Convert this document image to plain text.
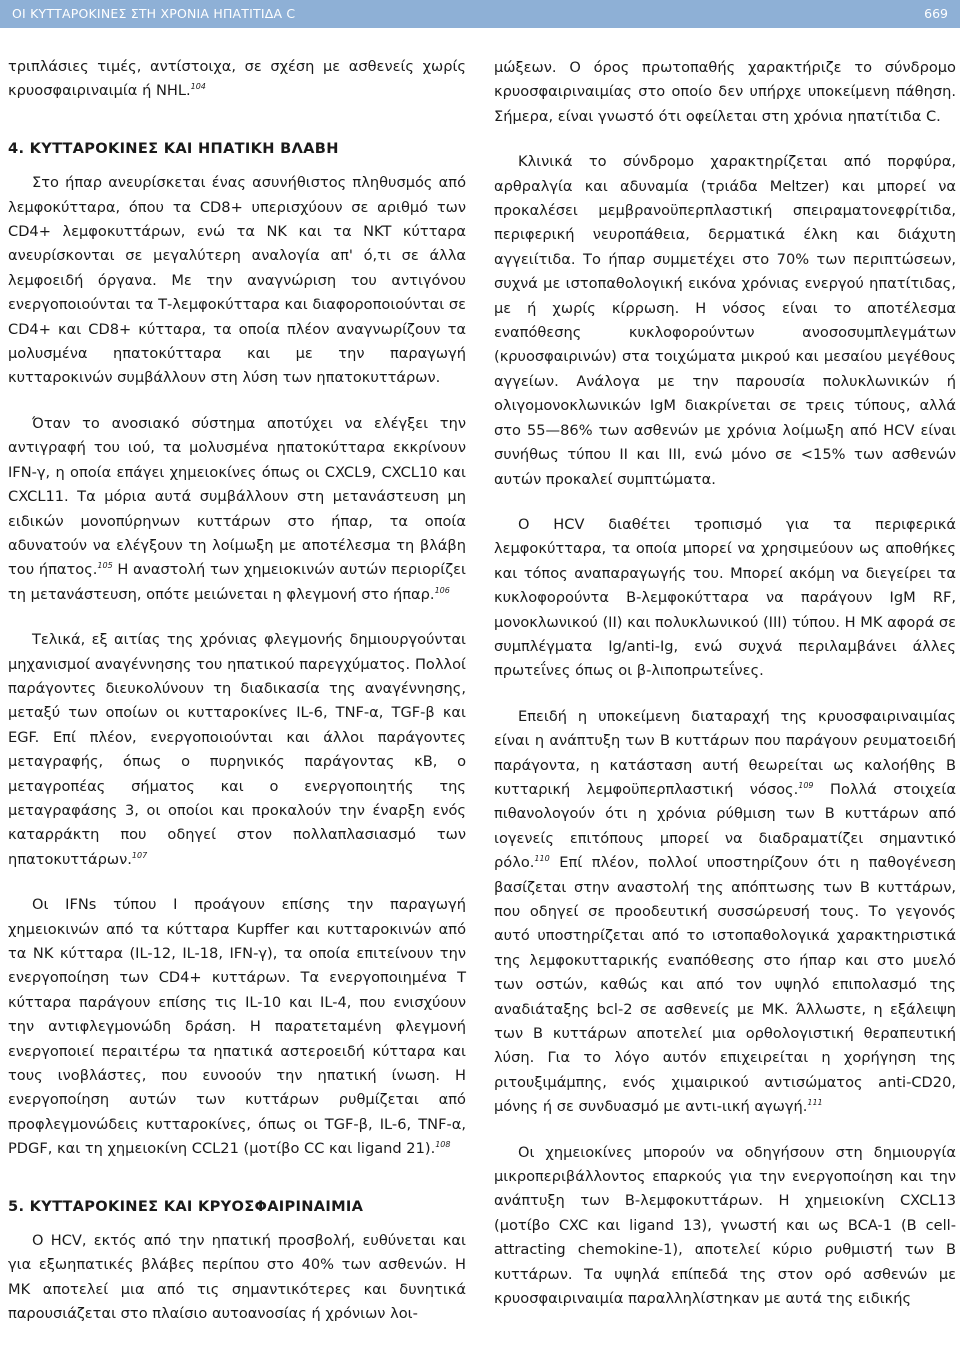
ΟΙ ΚΥΤΤΑΡΟΚΙΝΕΣ ΣΤΗ ΧΡΟΝΙΑ ΗΠΑΤΙΤΙΔΑ C	669

τριπλάσιες τιμές, αντίστοιχα, σε σχέση με ασθενείς χωρίς κρυοσφαιριναιμία ή NHL.$^{104}$

4. ΚΥΤΤΑΡΟΚΙΝΕΣ ΚΑΙ ΗΠΑΤΙΚΗ ΒΛΑΒΗ

Στο ήπαρ ανευρίσκεται ένας ασυνήθιστος πληθυσμός από λεμφοκύτταρα, όπου τα CD8+ υπερισχύουν σε αριθμό των CD4+ λεμφοκυττάρων, ενώ τα NK και τα NKT κύτταρα ανευρίσκονται σε μεγαλύτερη αναλογία απ' ό,τι σε άλλα λεμφοειδή όργανα. Με την αναγνώριση του αντιγόνου ενεργοποιούνται τα Τ-λεμφοκύτταρα και διαφοροποιούνται σε CD4+ και CD8+ κύτταρα, τα οποία πλέον αναγνωρίζουν τα μολυσμένα ηπατοκύτταρα και με την παραγωγή κυτταροκινών συμβάλλουν στη λύση των ηπατοκυττάρων.

Όταν το ανοσιακό σύστημα αποτύχει να ελέγξει την αντιγραφή του ιού, τα μολυσμένα ηπατοκύτταρα εκκρίνουν IFN-γ, η οποία επάγει χημειοκίνες όπως οι CXCL9, CXCL10 και CXCL11. Τα μόρια αυτά συμβάλλουν στη μετανάστευση μη ειδικών μονοπύρηνων κυττάρων στο ήπαρ, τα οποία αδυνατούν να ελέγξουν τη λοίμωξη με αποτέλεσμα τη βλάβη του ήπατος.$^{105}$ Η αναστολή των χημειοκινών αυτών περιορίζει τη μετανάστευση, οπότε μειώνεται η φλεγμονή στο ήπαρ.$^{106}$

Τελικά, εξ αιτίας της χρόνιας φλεγμονής δημιουργούνται μηχανισμοί αναγέννησης του ηπατικού παρεγχύματος. Πολλοί παράγοντες διευκολύνουν τη διαδικασία της αναγέννησης, μεταξύ των οποίων οι κυτταροκίνες IL-6, TNF-α, TGF-β και EGF. Επί πλέον, ενεργοποιούνται και άλλοι παράγοντες μεταγραφής, όπως ο πυρηνικός παράγοντας κΒ, ο μεταγροπέας σήματος και ο ενεργοποιητής της μεταγραφάσης 3, οι οποίοι και προκαλούν την έναρξη ενός καταρράκτη που οδηγεί στον πολλαπλασιασμό των ηπατοκυττάρων.$^{107}$

Οι IFNs τύπου I προάγουν επίσης την παραγωγή χημειοκινών από τα κύτταρα Kupffer και κυτταροκινών από τα NK κύτταρα (IL-12, IL-18, IFN-γ), τα οποία επιτείνουν την ενεργοποίηση των CD4+ κυττάρων. Τα ενεργοποιημένα Τ κύτταρα παράγουν επίσης τις IL-10 και IL-4, που ενισχύουν την αντιφλεγμονώδη δράση. Η παρατεταμένη φλεγμονή ενεργοποιεί περαιτέρω τα ηπατικά αστεροειδή κύτταρα και τους ινοβλάστες, που ευνοούν την ηπατική ίνωση. Η ενεργοποίηση αυτών των κυττάρων ρυθμίζεται από προφλεγμονώδεις κυτταροκίνες, όπως οι TGF-β, IL-6, TNF-α, PDGF, και τη χημειοκίνη CCL21 (μοτίβο CC και ligand 21).$^{108}$

5. ΚΥΤΤΑΡΟΚΙΝΕΣ ΚΑΙ ΚΡΥΟΣΦΑΙΡΙΝΑΙΜΙΑ

Ο HCV, εκτός από την ηπατική προσβολή, ευθύνεται και για εξωηπατικές βλάβες περίπου στο 40% των ασθενών. Η ΜΚ αποτελεί μια από τις σημαντικότερες και δυνητικά παρουσιάζεται στο πλαίσιο αυτοανοσίας ή χρόνιων λοι-

μώξεων. Ο όρος πρωτοπαθής χαρακτήριζε το σύνδρομο κρυοσφαιριναιμίας στο οποίο δεν υπήρχε υποκείμενη πάθηση. Σήμερα, είναι γνωστό ότι οφείλεται στη χρόνια ηπατίτιδα C.

Κλινικά το σύνδρομο χαρακτηρίζεται από πορφύρα, αρθραλγία και αδυναμία (τριάδα Meltzer) και μπορεί να προκαλέσει μεμβρανοϋπερπλαστική σπειραματονεφρίτιδα, περιφερική νευροπάθεια, δερματικά έλκη και διάχυτη αγγειίτιδα. Το ήπαρ συμμετέχει στο 70% των περιπτώσεων, συχνά με ιστοπαθολογική εικόνα χρόνιας ενεργού ηπατίτιδας, με ή χωρίς κίρρωση. Η νόσος είναι το αποτέλεσμα εναπόθεσης κυκλοφορούντων ανοσοσυμπλεγμάτων (κρυοσφαιρινών) στα τοιχώματα μικρού και μεσαίου μεγέθους αγγείων. Ανάλογα με την παρουσία πολυκλωνικών ή ολιγομονοκλωνικών IgM διακρίνεται σε τρεις τύπους, αλλά στο 55—86% των ασθενών με χρόνια λοίμωξη από HCV είναι συνήθως τύπου II και III, ενώ μόνο σε <15% των ασθενών αυτών προκαλεί συμπτώματα.

Ο HCV διαθέτει τροπισμό για τα περιφερικά λεμφοκύτταρα, τα οποία μπορεί να χρησιμεύουν ως αποθήκες και τόπος αναπαραγωγής του. Μπορεί ακόμη να διεγείρει τα κυκλοφορούντα Β-λεμφοκύτταρα να παράγουν IgM RF, μονοκλωνικού (II) και πολυκλωνικού (III) τύπου. Η ΜΚ αφορά σε συμπλέγματα Ig/anti-Ig, ενώ συχνά περιλαμβάνει άλλες πρωτεΐνες όπως οι β-λιποπρωτεΐνες.

Επειδή η υποκείμενη διαταραχή της κρυοσφαιριναιμίας είναι η ανάπτυξη των Β κυττάρων που παράγουν ρευματοειδή παράγοντα, η κατάσταση αυτή θεωρείται ως καλοήθης Β κυτταρική λεμφοϋπερπλαστική νόσος.$^{109}$ Πολλά στοιχεία πιθανολογούν ότι η χρόνια ρύθμιση των Β κυττάρων από ιογενείς επιτόπους μπορεί να διαδραματίζει σημαντικό ρόλο.$^{110}$ Επί πλέον, πολλοί υποστηρίζουν ότι η παθογένεση βασίζεται στην αναστολή της απόπτωσης των Β κυττάρων, που οδηγεί σε προοδευτική συσσώρευσή τους. Το γεγονός αυτό υποστηρίζεται από το ιστοπαθολογικά χαρακτηριστικά της λεμφοκυτταρικής εναπόθεσης στο ήπαρ και στο μυελό των οστών, καθώς και από τον υψηλό επιπολασμό της αναδιάταξης bcl-2 σε ασθενείς με ΜΚ. Άλλωστε, η εξάλειψη των Β κυττάρων αποτελεί μια ορθολογιστική θεραπευτική λύση. Για το λόγο αυτόν επιχειρείται η χορήγηση της ριτουξιμάμπης, ενός χιμαιρικού αντισώματος anti-CD20, μόνης ή σε συνδυασμό με αντι-ιική αγωγή.$^{111}$

Οι χημειοκίνες μπορούν να οδηγήσουν στη δημιουργία μικροπεριβάλλοντος επαρκούς για την ενεργοποίηση και την ανάπτυξη των Β-λεμφοκυττάρων. Η χημειοκίνη CXCL13 (μοτίβο CXC και ligand 13), γνωστή και ως BCA-1 (B cell-attracting chemokine-1), αποτελεί κύριο ρυθμιστή των Β κυττάρων. Τα υψηλά επίπεδά της στον ορό ασθενών με κρυοσφαιριναιμία παραλληλίστηκαν με αυτά της ειδικής
